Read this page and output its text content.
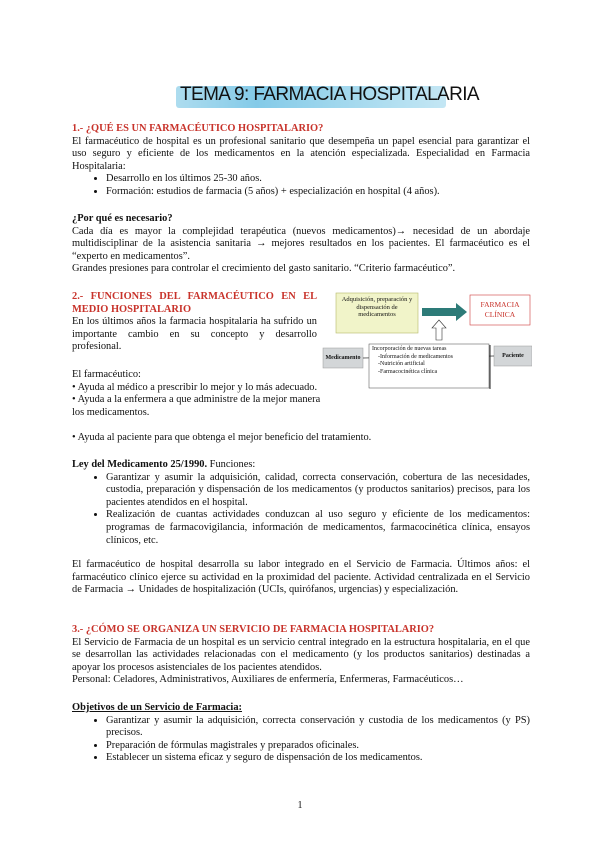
TEMA 9: FARMACIA HOSPITALARIA

1.- ¿QUÉ ES UN FARMACÉUTICO HOSPITALARIO?

El farmacéutico de hospital es un profesional sanitario que desempeña un papel esencial para garantizar el uso seguro y eficiente de los medicamentos en la atención especializada. Especialidad en Farmacia Hospitalaria:

• Desarrollo en los últimos 25-30 años.
• Formación: estudios de farmacia (5 años) + especialización en hospital (4 años).

¿Por qué es necesario?

Cada día es mayor la complejidad terapéutica (nuevos medicamentos)→ necesidad de un abordaje multidisciplinar de la asistencia sanitaria → mejores resultados en los pacientes. El farmacéutico es el “experto en medicamentos”.

Grandes presiones para controlar el crecimiento del gasto sanitario. “Criterio farmacéutico”.

2.- FUNCIONES DEL FARMACÉUTICO EN EL MEDIO HOSPITALARIO

En los últimos años la farmacia hospitalaria ha sufrido un importante cambio en su concepto y desarrollo profesional.

El farmacéutico:

• Ayuda al médico a prescribir lo mejor y lo más adecuado.

• Ayuda a la enfermera a que administre de la mejor manera los medicamentos.

• Ayuda al paciente para que obtenga el mejor beneficio del tratamiento.

Adquisición, preparación y dispensación de medicamentos
FARMACIA CLÍNICA
Medicamento	Paciente
Incorporación de nuevas tareas
-Información de medicamentos
-Nutrición artificial
-Farmacocinética clínica

Ley del Medicamento 25/1990. Funciones:

• Garantizar y asumir la adquisición, calidad, correcta conservación, cobertura de las necesidades, custodia, preparación y dispensación de los medicamentos (y productos sanitarios) precisos, para los pacientes atendidos en el hospital.
• Realización de cuantas actividades conduzcan al uso seguro y eficiente de los medicamentos: programas de farmacovigilancia, información de medicamentos, farmacocinética clínica, ensayos clínicos, etc.

El farmacéutico de hospital desarrolla su labor integrado en el Servicio de Farmacia. Últimos años: el farmacéutico clínico ejerce su actividad en la proximidad del paciente. Actividad centralizada en el Servicio de Farmacia → Unidades de hospitalización (UCIs, quirófanos, urgencias) y especialización.

3.- ¿CÓMO SE ORGANIZA UN SERVICIO DE FARMACIA HOSPITALARIO?

El Servicio de Farmacia de un hospital es un servicio central integrado en la estructura hospitalaria, en el que se desarrollan las actividades relacionadas con el medicamento (y los productos sanitarios) destinadas a apoyar los procesos asistenciales de los pacientes atendidos.

Personal: Celadores, Administrativos, Auxiliares de enfermería, Enfermeras, Farmacéuticos…

Objetivos de un Servicio de Farmacia:

• Garantizar y asumir la adquisición, correcta conservación y custodia de los medicamentos (y PS) precisos.
• Preparación de fórmulas magistrales y preparados oficinales.
• Establecer un sistema eficaz y seguro de dispensación de los medicamentos.
1
